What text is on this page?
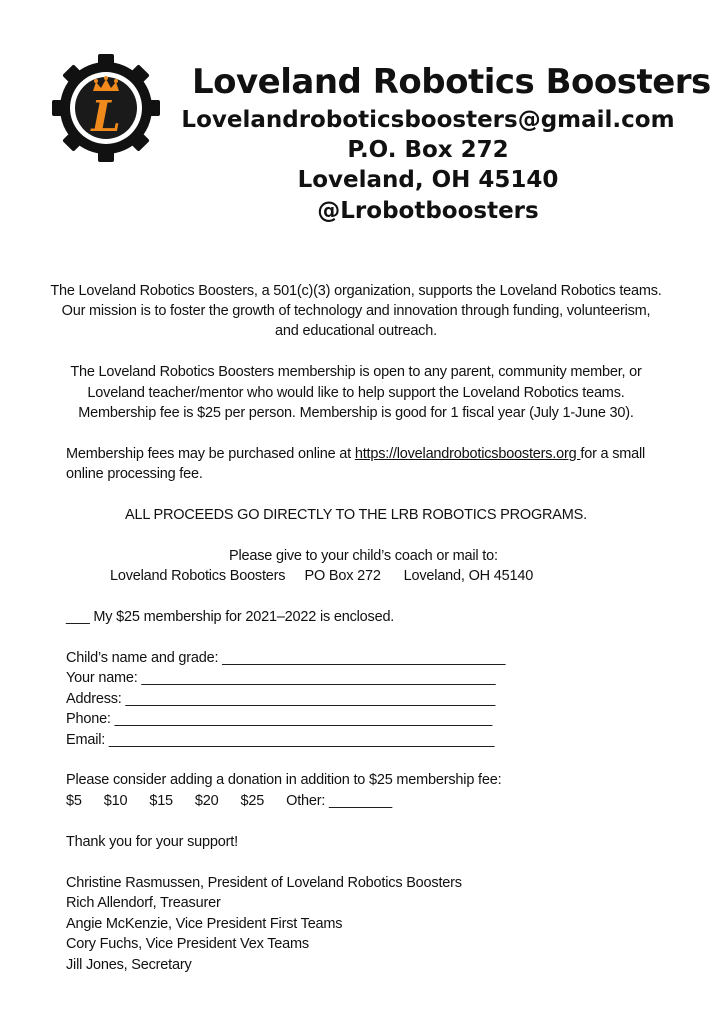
L
Loveland Robotics Boosters
Lovelandroboticsboosters@gmail.com
P.O. Box 272
Loveland, OH 45140
@Lrobotboosters
The Loveland Robotics Boosters, a 501(c)(3) organization, supports the Loveland Robotics teams.
Our mission is to foster the growth of technology and innovation through funding, volunteerism,
and educational outreach.
The Loveland Robotics Boosters membership is open to any parent, community member, or
Loveland teacher/mentor who would like to help support the Loveland Robotics teams.
Membership fee is $25 per person. Membership is good for 1 fiscal year (July 1-June 30).
Membership fees may be purchased online at https://lovelandroboticsboosters.org for a small
online processing fee.
ALL PROCEEDS GO DIRECTLY TO THE LRB ROBOTICS PROGRAMS.
Please give to your child’s coach or mail to:
Loveland Robotics Boosters     PO Box 272      Loveland, OH 45140
___ My $25 membership for 2021–2022 is enclosed.
Child’s name and grade: ____________________________________
Your name: _____________________________________________
Address: _______________________________________________
Phone: ________________________________________________
Email: _________________________________________________
Please consider adding a donation in addition to $25 membership fee:
$5 $10 $15 $20 $25 Other: ________
Thank you for your support!
Christine Rasmussen, President of Loveland Robotics Boosters
Rich Allendorf, Treasurer
Angie McKenzie, Vice President First Teams
Cory Fuchs, Vice President Vex Teams
Jill Jones, Secretary
